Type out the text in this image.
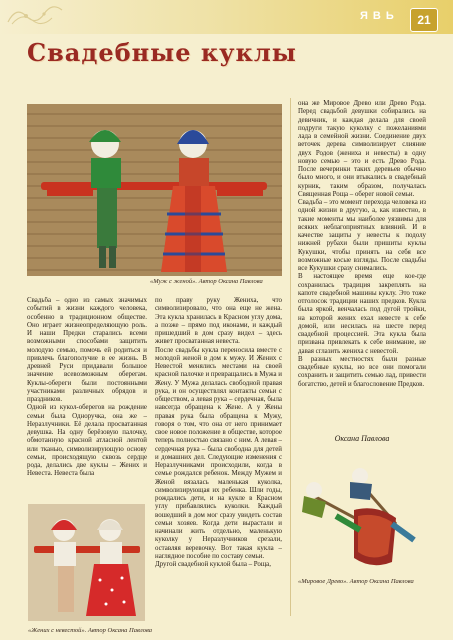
ЯВЬ	21
Свадебные куклы
«Муж с женой». Автор Оксана Павлова

Свадьба – одно из самых значимых событий в жизни каждого человека, особенно в традиционном обществе. Оно играет жизнеопределяющую роль. И наши Предки старались всеми возможными способами защитить молодую семью, помочь ей родиться и привлечь благополучие в ее жизнь. В древней Руси придавали большое значение всевозможным оберегам. Куклы-обереги были постоянными участниками различных обрядов и праздников.
Одной из кукол-оберегов на рождение семьи была Одноручка, она же – Неразлучники. Её делала просватанная девушка. На одну берёзовую палочку, обмотанную красной атласной лентой или тканью, символизирующую основу семьи, происходящую сквозь сердце рода, делались две куклы – Жених и Невеста. Невеста была

по праву руку Жениха, что символизировало, что она еще не жена. Эта кукла хранилась в Красном углу дома, а позже – прямо под иконами, и каждый пришедший в дом сразу видел – здесь живет просватанная невеста.
После свадьбы кукла переносила вместе с молодой женой в дом к мужу. И Жених с Невестой менялись местами на своей красной палочке и превращались в Мужа и Жену. У Мужа делалась свободной правая рука, и он осуществлял контакты семьи с обществом, а левая рука – сердечная, была навсегда обращена к Жене. А у Жены правая рука была обращена к Мужу, говоря о том, что она от него принимает свое новое положение в обществе, которое теперь полностью связано с ним. А левая – сердечная рука – была свободна для детей и домашних дел. Следующие изменения с Неразлучниками происходили, когда в семье рождался ребенок. Между Мужем и Женой вязалась маленькая куколка, символизирующая их ребенка. Шли годы, рождались дети, и на кукле в Красном углу прибавлялись куколки. Каждый вошедший в дом мог сразу увидеть состав семьи хозяев. Когда дети вырастали и начинали жить отдельно, маленькую куколку у Неразлучников срезали, оставляя веревочку. Вот такая кукла – наглядное пособие по составу семьи.
Другой свадебной куклой была – Роща,

она же Мировое Древо или Древо Рода. Перед свадьбой девушки собирались на девичник, и каждая делала для своей подруги такую куколку с пожеланиями лада в семейной жизни. Соединение двух веточек дерева символизирует слияние двух Родов (жениха и невесты) в одну новую семью – это и есть Древо Рода. После вечеринки таких деревьев обычно было много, и они втыкались в свадебный курник, таким образом, получалась Священная Роща – оберег новой семьи.
Свадьба – это момент перехода человека из одной жизни в другую, а, как известно, в такие моменты мы наиболее уязвимы для всяких неблагоприятных влияний. И в качестве защиты у невесты к подолу нижней рубахи были пришиты куклы Кукушки, чтобы принять на себя все возможные косые взгляды. После свадьбы все Кукушки сразу снимались.
В настоящее время еще кое-где сохранилась традиция закреплять на капоте свадебной машины куклу. Это тоже отголосок традиции наших предков. Кукла была яркой, венчалась под дугой тройки, на которой жених ехал невесте к себе домой, или несилась на шесте перед свадебной процессией. Эта кукла была призвана привлекать к себе внимание, не давая сглазить жениха с невестой.
В разных местностях были разные свадебные куклы, но все они помогали сохранить и защитить семью лад, привести богатство, детей и благословение Предков.

Оксана Павлова
«Жених с невестой». Автор Оксана Павлова
«Мировое Древо». Автор Оксана Павлова
